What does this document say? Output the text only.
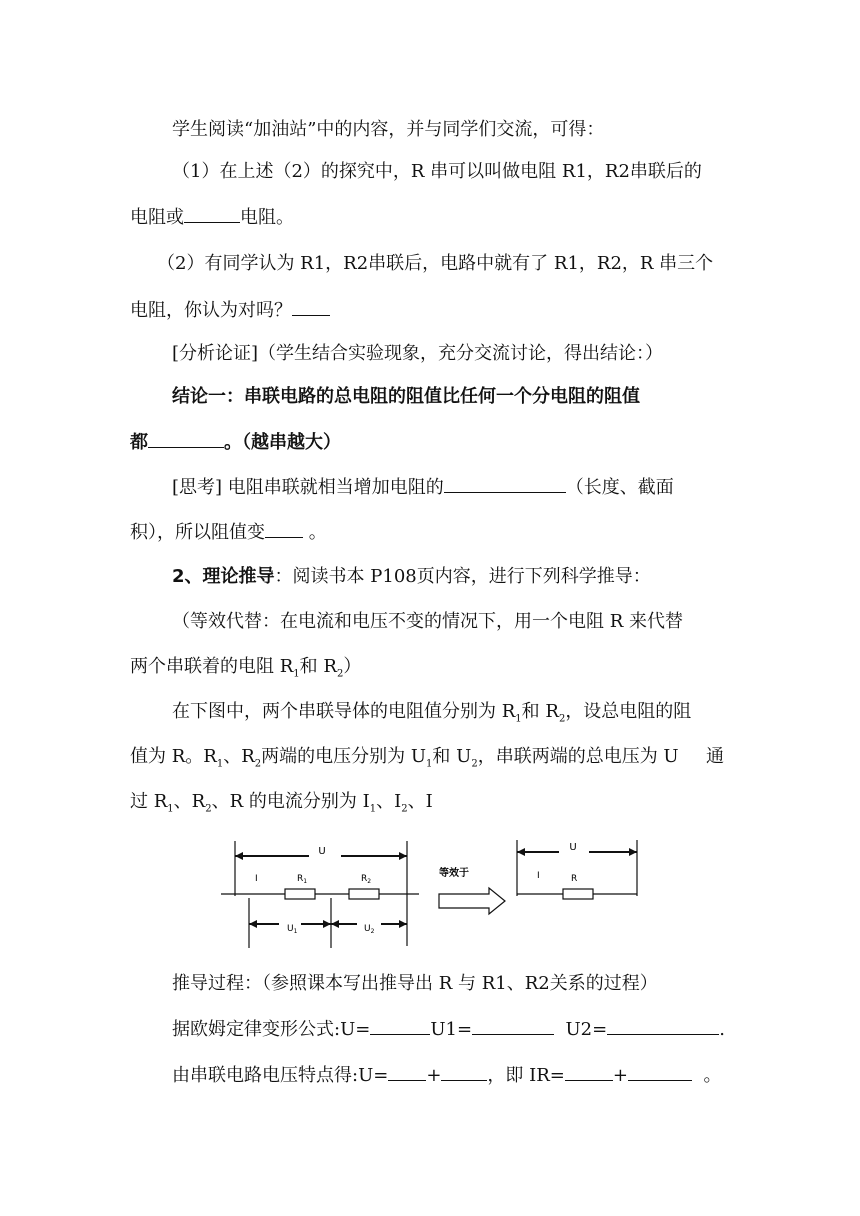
学生阅读“加油站”中的内容，并与同学们交流，可得：
（1）在上述（2）的探究中，R 串可以叫做电阻 R1，R2串联后的
电阻或	电阻。
（2）有同学认为 R1，R2串联后，电路中就有了 R1，R2，R 串三个
电阻，你认为对吗？
[分析论证]（学生结合实验现象，充分交流讨论，得出结论：）
结论一：串联电路的总电阻的阻值比任何一个分电阻的阻值
都	。（越串越大）
[思考] 电阻串联就相当增加电阻的	（长度、截面
积），所以阻值变 。
2、理论推导：阅读书本 P108页内容，进行下列科学推导：
（等效代替：在电流和电压不变的情况下，用一个电阻 R 来代替
两个串联着的电阻 $R_1$和 $R_2$）
在下图中，两个串联导体的电阻值分别为 $R_1$和 $R_2$，设总电阻的阻
值为 R。$R_1$、$R_2$两端的电压分别为 $U_1$和 $U_2$，串联两端的总电压为 U	通
过 $R_1$、$R_2$、R 的电流分别为 $I_1$、$I_2$、I
U
I	$R_1$	$R_2$
$U_1$	$U_2$
等效于
U
I	R
推导过程：（参照课本写出推导出 R 与 R1、R2关系的过程）
据欧姆定律变形公式:U=	U1=	U2=	.
由串联电路电压特点得:U= +	，即 IR=	+	。
